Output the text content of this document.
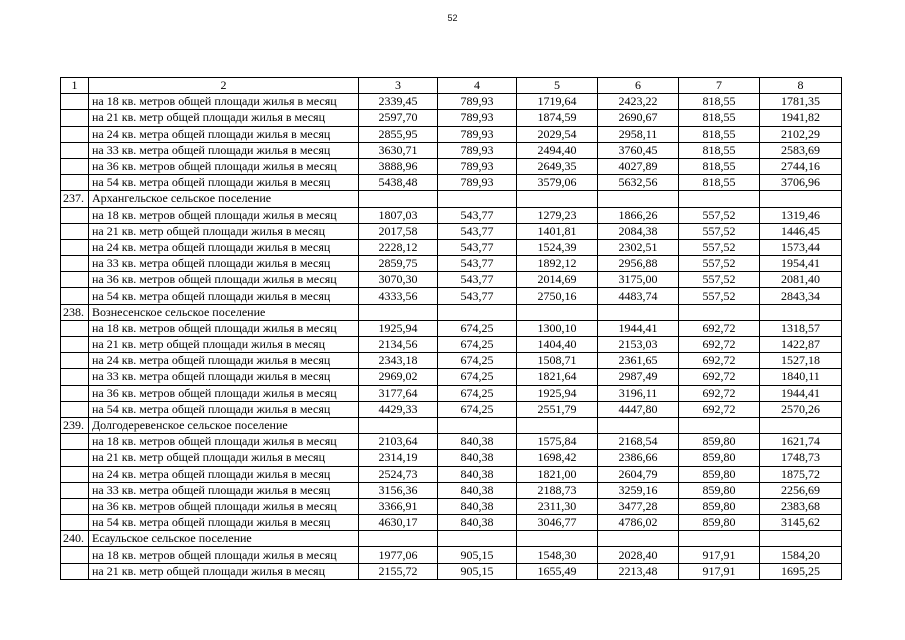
52
1	2	3	4	5	6	7	8
	на 18 кв. метров общей площади жилья в месяц	2339,45	789,93	1719,64	2423,22	818,55	1781,35
	на 21 кв. метр общей площади жилья в месяц	2597,70	789,93	1874,59	2690,67	818,55	1941,82
	на 24 кв. метра общей площади жилья в месяц	2855,95	789,93	2029,54	2958,11	818,55	2102,29
	на 33 кв. метра общей площади жилья в месяц	3630,71	789,93	2494,40	3760,45	818,55	2583,69
	на 36 кв. метров общей площади жилья в месяц	3888,96	789,93	2649,35	4027,89	818,55	2744,16
	на 54 кв. метра общей площади жилья в месяц	5438,48	789,93	3579,06	5632,56	818,55	3706,96
237.	Архангельское сельское поселение						
	на 18 кв. метров общей площади жилья в месяц	1807,03	543,77	1279,23	1866,26	557,52	1319,46
	на 21 кв. метр общей площади жилья в месяц	2017,58	543,77	1401,81	2084,38	557,52	1446,45
	на 24 кв. метра общей площади жилья в месяц	2228,12	543,77	1524,39	2302,51	557,52	1573,44
	на 33 кв. метра общей площади жилья в месяц	2859,75	543,77	1892,12	2956,88	557,52	1954,41
	на 36 кв. метров общей площади жилья в месяц	3070,30	543,77	2014,69	3175,00	557,52	2081,40
	на 54 кв. метра общей площади жилья в месяц	4333,56	543,77	2750,16	4483,74	557,52	2843,34
238.	Вознесенское сельское поселение						
	на 18 кв. метров общей площади жилья в месяц	1925,94	674,25	1300,10	1944,41	692,72	1318,57
	на 21 кв. метр общей площади жилья в месяц	2134,56	674,25	1404,40	2153,03	692,72	1422,87
	на 24 кв. метра общей площади жилья в месяц	2343,18	674,25	1508,71	2361,65	692,72	1527,18
	на 33 кв. метра общей площади жилья в месяц	2969,02	674,25	1821,64	2987,49	692,72	1840,11
	на 36 кв. метров общей площади жилья в месяц	3177,64	674,25	1925,94	3196,11	692,72	1944,41
	на 54 кв. метра общей площади жилья в месяц	4429,33	674,25	2551,79	4447,80	692,72	2570,26
239.	Долгодеревенское сельское поселение						
	на 18 кв. метров общей площади жилья в месяц	2103,64	840,38	1575,84	2168,54	859,80	1621,74
	на 21 кв. метр общей площади жилья в месяц	2314,19	840,38	1698,42	2386,66	859,80	1748,73
	на 24 кв. метра общей площади жилья в месяц	2524,73	840,38	1821,00	2604,79	859,80	1875,72
	на 33 кв. метра общей площади жилья в месяц	3156,36	840,38	2188,73	3259,16	859,80	2256,69
	на 36 кв. метров общей площади жилья в месяц	3366,91	840,38	2311,30	3477,28	859,80	2383,68
	на 54 кв. метра общей площади жилья в месяц	4630,17	840,38	3046,77	4786,02	859,80	3145,62
240.	Есаульское сельское поселение						
	на 18 кв. метров общей площади жилья в месяц	1977,06	905,15	1548,30	2028,40	917,91	1584,20
	на 21 кв. метр общей площади жилья в месяц	2155,72	905,15	1655,49	2213,48	917,91	1695,25
